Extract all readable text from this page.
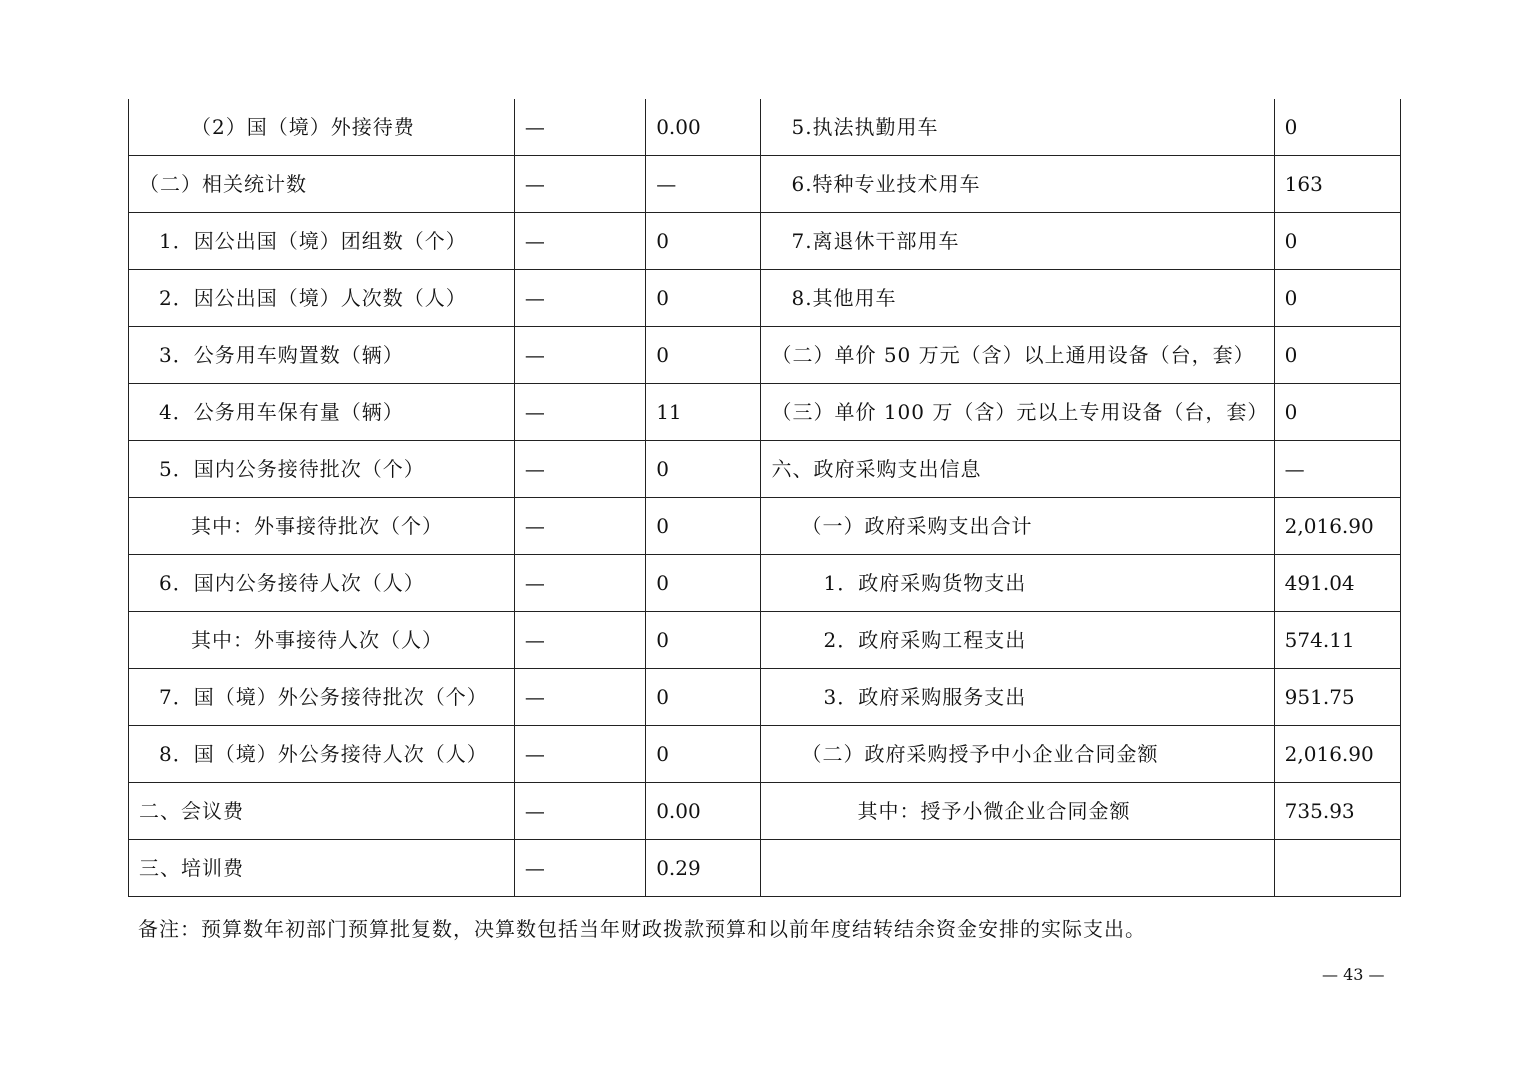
（2）国（境）外接待费	—	0.00	5.执法执勤用车	0
（二）相关统计数	—	—	6.特种专业技术用车	163
1．因公出国（境）团组数（个）	—	0	7.离退休干部用车	0
2．因公出国（境）人次数（人）	—	0	8.其他用车	0
3．公务用车购置数（辆）	—	0	（二）单价 50 万元（含）以上通用设备（台，套）	0
4．公务用车保有量（辆）	—	11	（三）单价 100 万（含）元以上专用设备（台，套）	0
5．国内公务接待批次（个）	—	0	六、政府采购支出信息	—
其中：外事接待批次（个）	—	0	（一）政府采购支出合计	2,016.90
6．国内公务接待人次（人）	—	0	1．政府采购货物支出	491.04
其中：外事接待人次（人）	—	0	2．政府采购工程支出	574.11
7．国（境）外公务接待批次（个）	—	0	3．政府采购服务支出	951.75
8．国（境）外公务接待人次（人）	—	0	（二）政府采购授予中小企业合同金额	2,016.90
二、会议费	—	0.00	其中：授予小微企业合同金额	735.93
三、培训费	—	0.29		
备注：预算数年初部门预算批复数，决算数包括当年财政拨款预算和以前年度结转结余资金安排的实际支出。
— 43 —
